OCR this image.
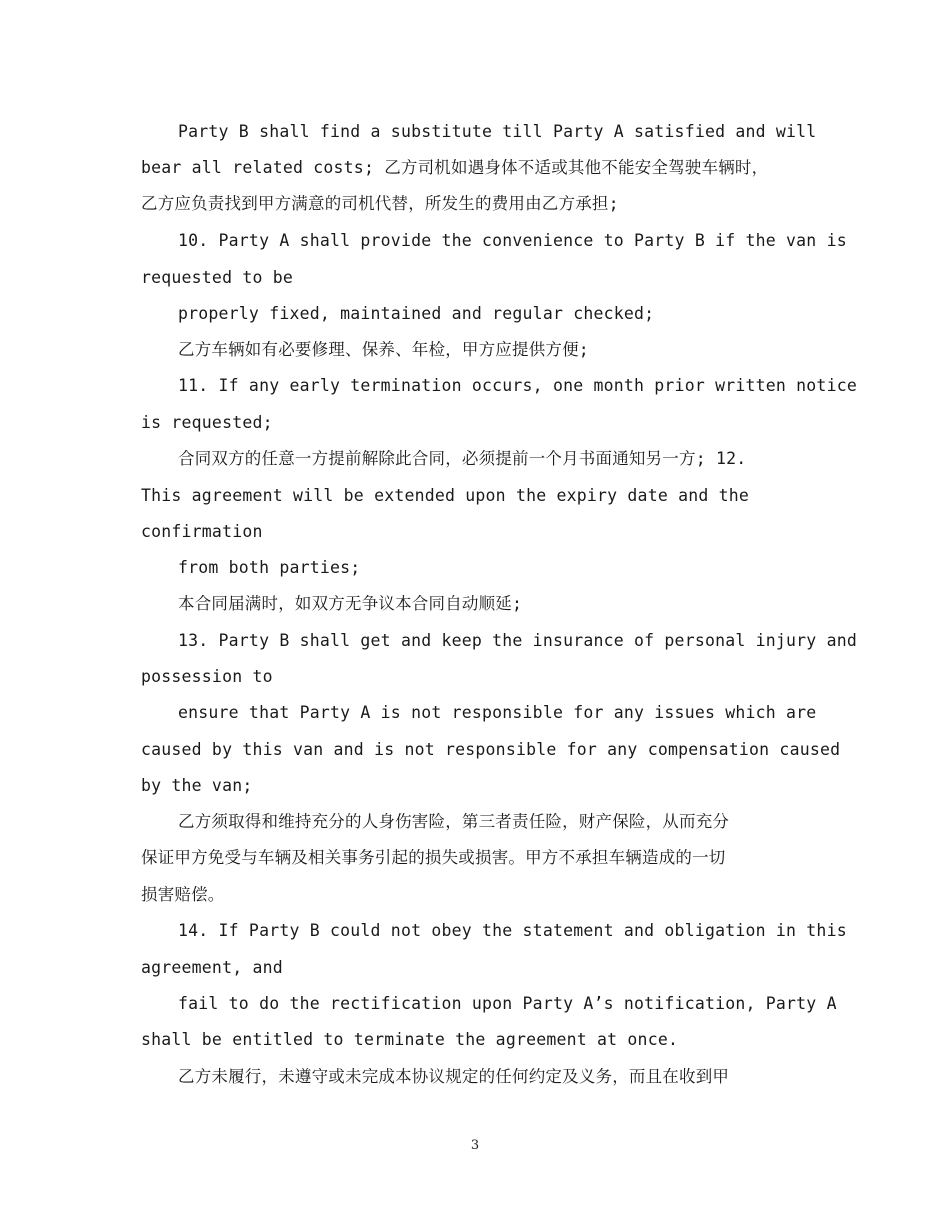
Party B shall find a substitute till Party A satisfied and will
bear all related costs; 乙方司机如遇身体不适或其他不能安全驾驶车辆时，
乙方应负责找到甲方满意的司机代替，所发生的费用由乙方承担;
10. Party A shall provide the convenience to Party B if the van is
requested to be
properly fixed, maintained and regular checked;
乙方车辆如有必要修理、保养、年检，甲方应提供方便;
11. If any early termination occurs, one month prior written notice
is requested;
合同双方的任意一方提前解除此合同，必须提前一个月书面通知另一方; 12.
This agreement will be extended upon the expiry date and the
confirmation
from both parties;
本合同届满时，如双方无争议本合同自动顺延;
13. Party B shall get and keep the insurance of personal injury and
possession to
ensure that Party A is not responsible for any issues which are
caused by this van and is not responsible for any compensation caused
by the van;
乙方须取得和维持充分的人身伤害险，第三者责任险，财产保险，从而充分
保证甲方免受与车辆及相关事务引起的损失或损害。甲方不承担车辆造成的一切
损害赔偿。
14. If Party B could not obey the statement and obligation in this
agreement, and
fail to do the rectification upon Party A’s notification, Party A
shall be entitled to terminate the agreement at once.
乙方未履行，未遵守或未完成本协议规定的任何约定及义务，而且在收到甲
3
